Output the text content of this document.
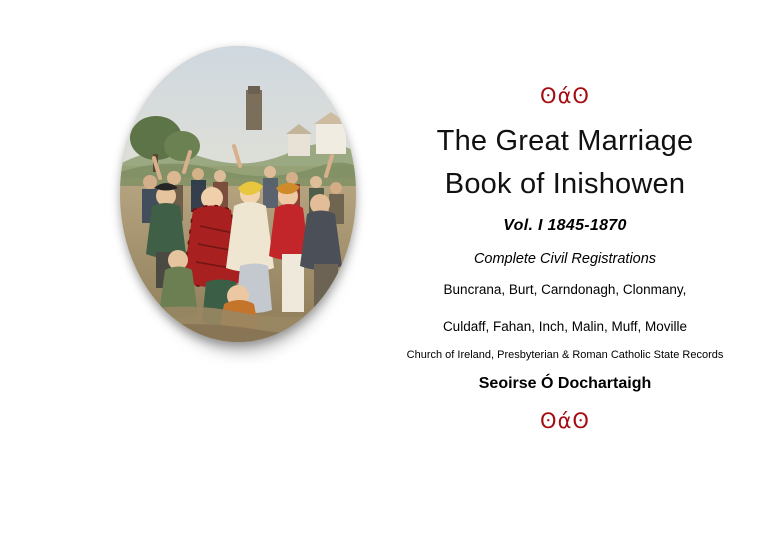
ʘάʘ

The Great Marriage
Book of Inishowen

Vol. I 1845-1870

Complete Civil Registrations

Buncrana, Burt, Carndonagh, Clonmany,

Culdaff, Fahan, Inch, Malin, Muff, Moville

Church of Ireland, Presbyterian & Roman Catholic State Records

Seoirse Ó Dochartaigh

ʘάʘ
